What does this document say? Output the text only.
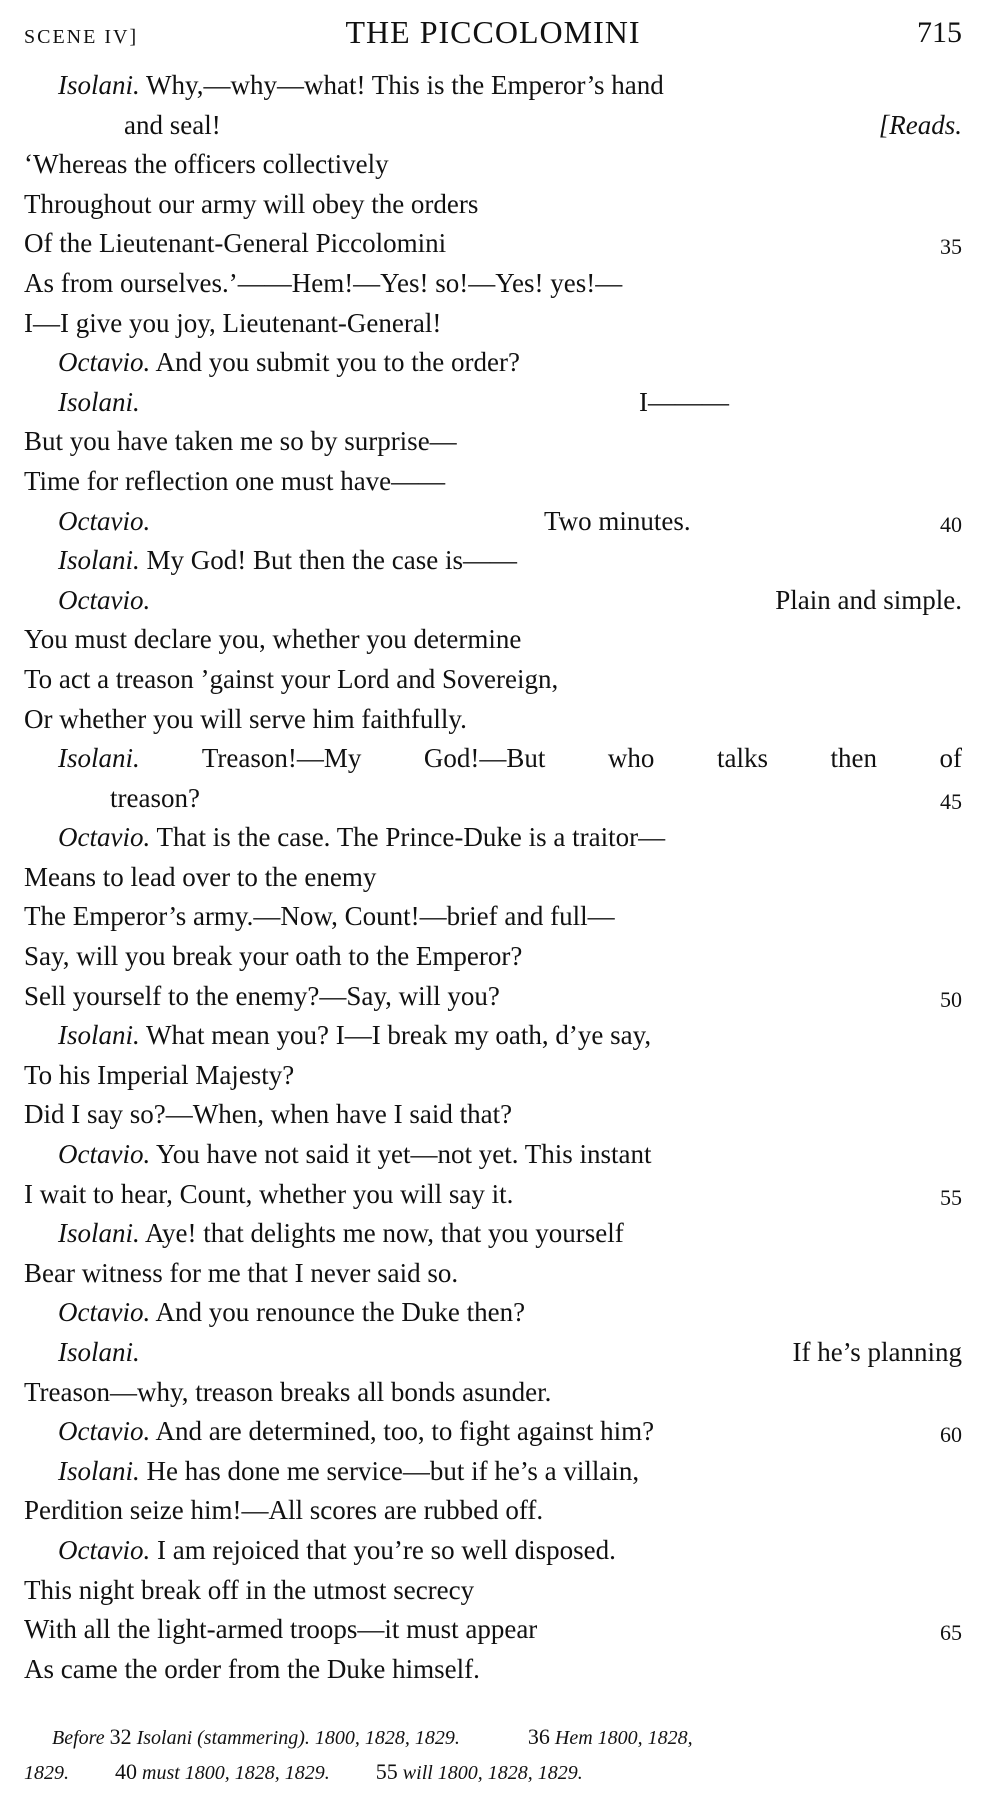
SCENE IV]	THE PICCOLOMINI	715
Isolani. Why,—why—what! This is the Emperor’s hand
and seal!	[Reads.
‘Whereas the officers collectively
Throughout our army will obey the orders
Of the Lieutenant-General Piccolomini	35
As from ourselves.’——Hem!—Yes! so!—Yes! yes!—
I—I give you joy, Lieutenant-General!
Octavio. And you submit you to the order?
Isolani.	I———
But you have taken me so by surprise—
Time for reflection one must have——
Octavio.	Two minutes.	40
Isolani. My God! But then the case is——
Octavio.	Plain and simple.
You must declare you, whether you determine
To act a treason ’gainst your Lord and Sovereign,
Or whether you will serve him faithfully.
Isolani. Treason!—My God!—But who talks then of
treason?	45
Octavio. That is the case. The Prince-Duke is a traitor—
Means to lead over to the enemy
The Emperor’s army.—Now, Count!—brief and full—
Say, will you break your oath to the Emperor?
Sell yourself to the enemy?—Say, will you?	50
Isolani. What mean you? I—I break my oath, d’ye say,
To his Imperial Majesty?
Did I say so?—When, when have I said that?
Octavio. You have not said it yet—not yet. This instant
I wait to hear, Count, whether you will say it.	55
Isolani. Aye! that delights me now, that you yourself
Bear witness for me that I never said so.
Octavio. And you renounce the Duke then?
Isolani.	If he’s planning
Treason—why, treason breaks all bonds asunder.
Octavio. And are determined, too, to fight against him?	60
Isolani. He has done me service—but if he’s a villain,
Perdition seize him!—All scores are rubbed off.
Octavio. I am rejoiced that you’re so well disposed.
This night break off in the utmost secrecy
With all the light-armed troops—it must appear	65
As came the order from the Duke himself.
Before 32 Isolani (stammering). 1800, 1828, 1829.	36 Hem 1800, 1828,
1829. 40 must 1800, 1828, 1829. 55 will 1800, 1828, 1829.
